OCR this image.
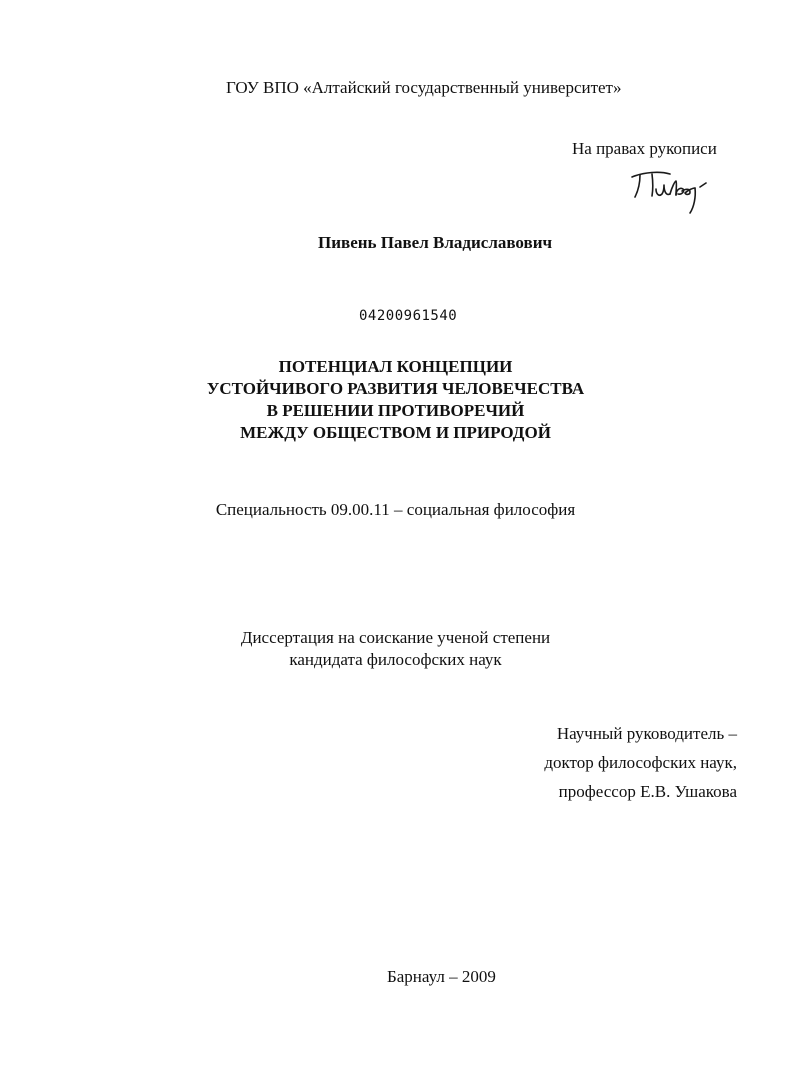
ГОУ ВПО «Алтайский государственный университет»
На правах рукописи
Пивень Павел Владиславович
04200961540
ПОТЕНЦИАЛ КОНЦЕПЦИИ
УСТОЙЧИВОГО РАЗВИТИЯ ЧЕЛОВЕЧЕСТВА
В РЕШЕНИИ ПРОТИВОРЕЧИЙ
МЕЖДУ ОБЩЕСТВОМ И ПРИРОДОЙ
Специальность 09.00.11 – социальная философия
Диссертация на соискание ученой степени
кандидата философских наук
Научный руководитель –
доктор философских наук,
профессор Е.В. Ушакова
Барнаул – 2009
